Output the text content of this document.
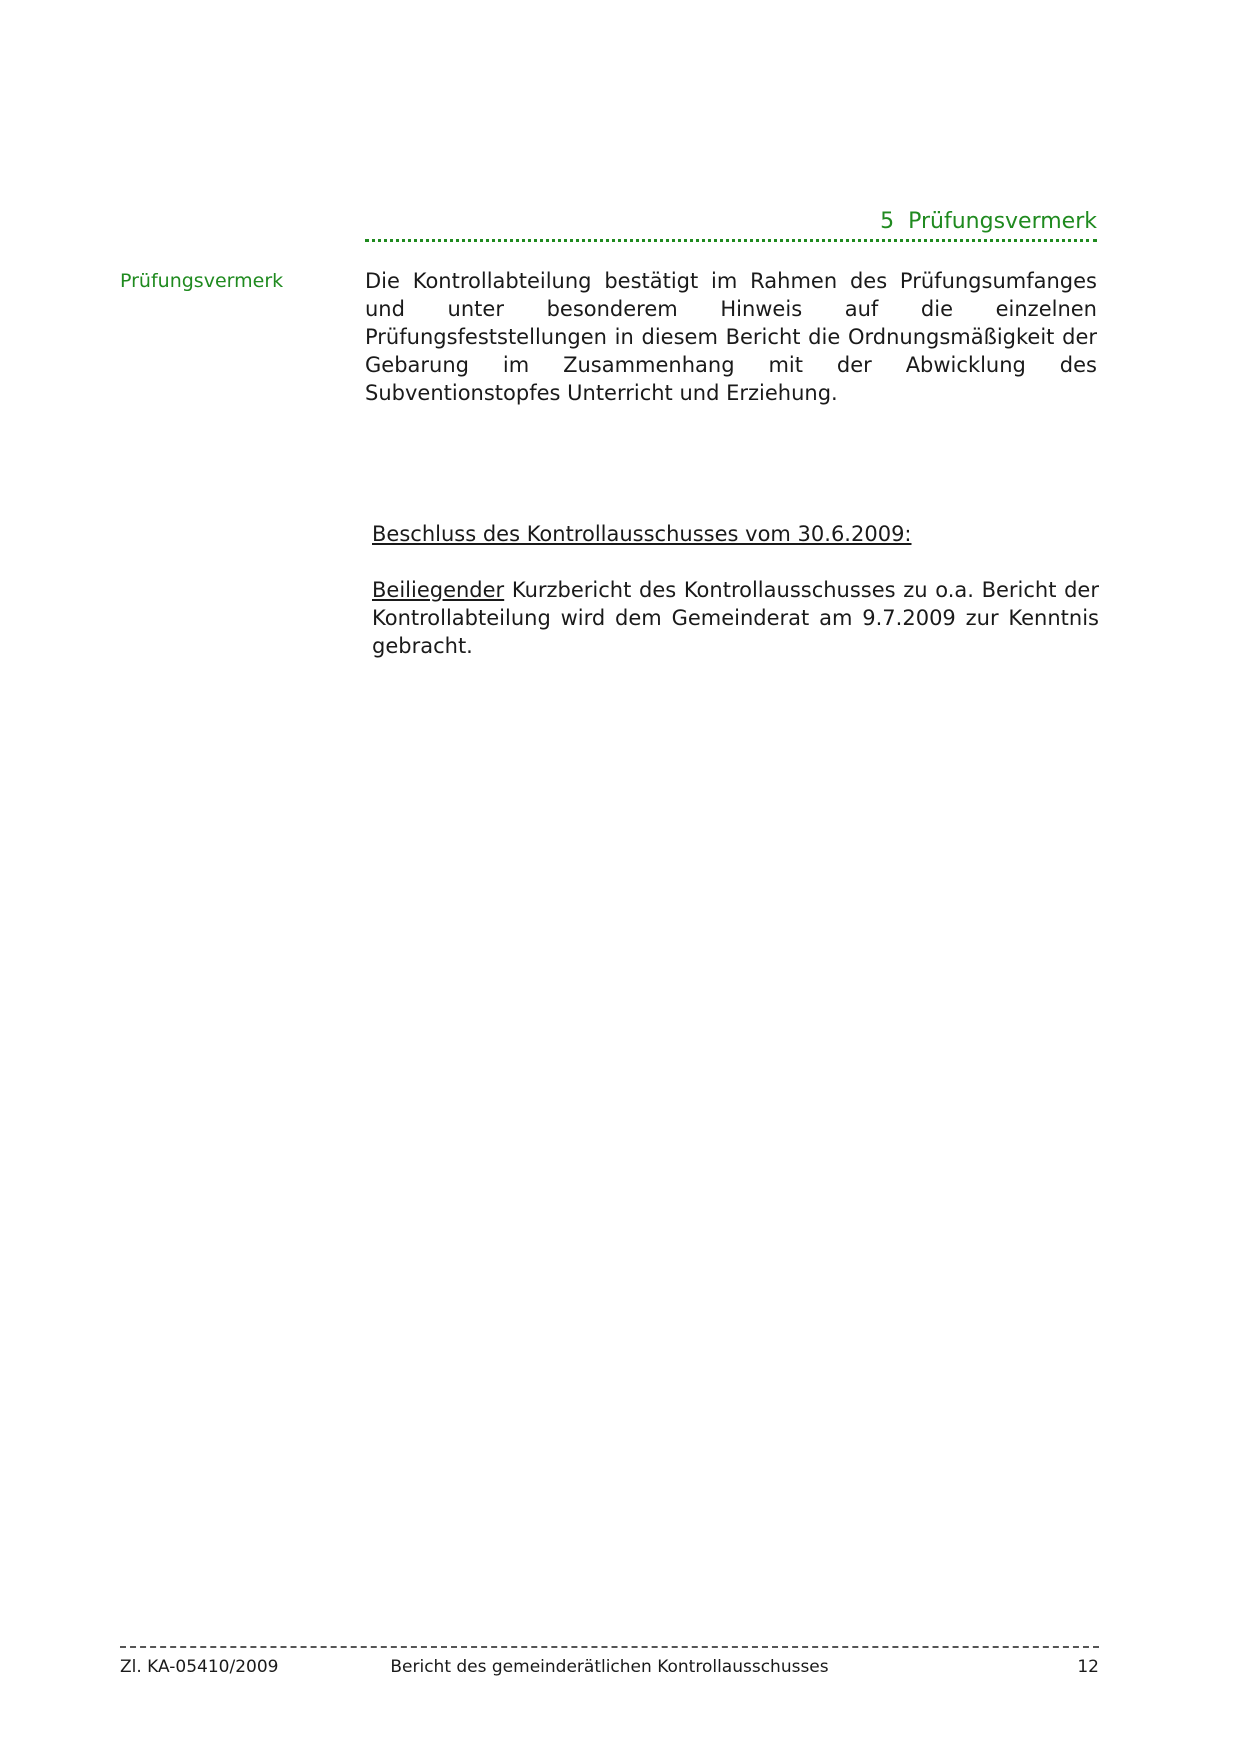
5 Prüfungsvermerk
Prüfungsvermerk	Die Kontrollabteilung bestätigt im Rahmen des Prüfungsumfanges und unter besonderem Hinweis auf die einzelnen Prüfungsfeststellungen in diesem Bericht die Ordnungsmäßigkeit der Gebarung im Zusammenhang mit der Abwicklung des Subventionstopfes Unterricht und Erziehung.

Beschluss des Kontrollausschusses vom 30.6.2009:

Beiliegender Kurzbericht des Kontrollausschusses zu o.a. Bericht der Kontrollabteilung wird dem Gemeinderat am 9.7.2009 zur Kenntnis gebracht.

Zl. KA-05410/2009	Bericht des gemeinderätlichen Kontrollausschusses	12
